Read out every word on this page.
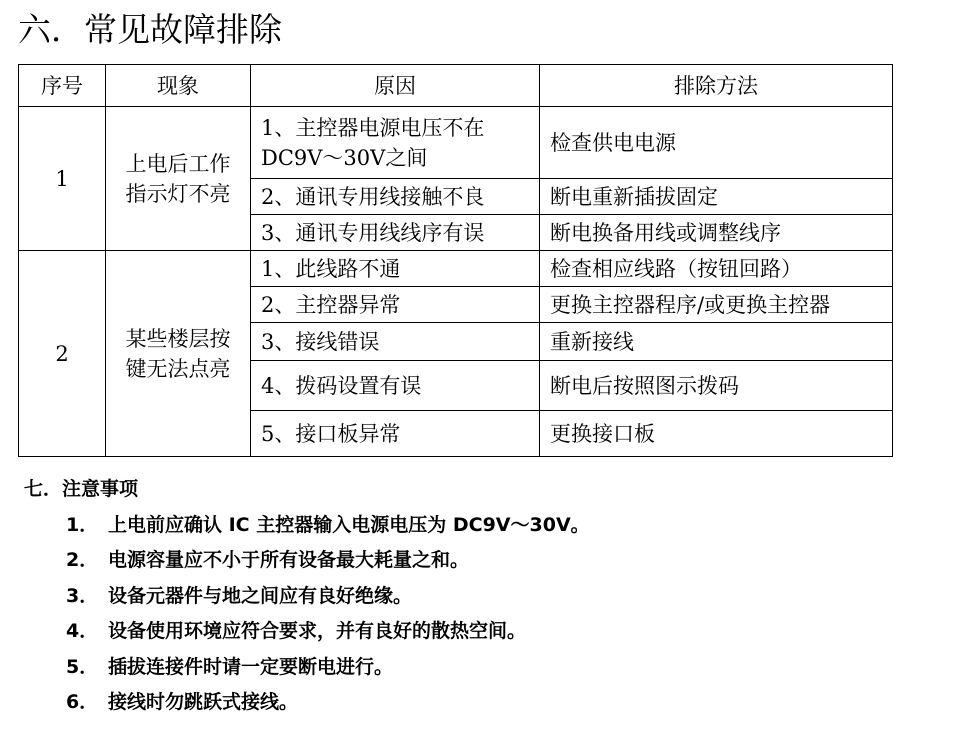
六．常见故障排除
序号	现象	原因	排除方法
1	上电后工作指示灯不亮	1、主控器电源电压不在DC9V～30V之间	检查供电电源
		2、通讯专用线接触不良	断电重新插拔固定
		3、通讯专用线线序有误	断电换备用线或调整线序
2	某些楼层按键无法点亮	1、此线路不通	检查相应线路（按钮回路）
		2、主控器异常	更换主控器程序/或更换主控器
		3、接线错误	重新接线
		4、拨码设置有误	断电后按照图示拨码
		5、接口板异常	更换接口板
七．注意事项
1． 上电前应确认 IC 主控器输入电源电压为 DC9V～30V。
2． 电源容量应不小于所有设备最大耗量之和。
3． 设备元器件与地之间应有良好绝缘。
4． 设备使用环境应符合要求，并有良好的散热空间。
5． 插拔连接件时请一定要断电进行。
6． 接线时勿跳跃式接线。
